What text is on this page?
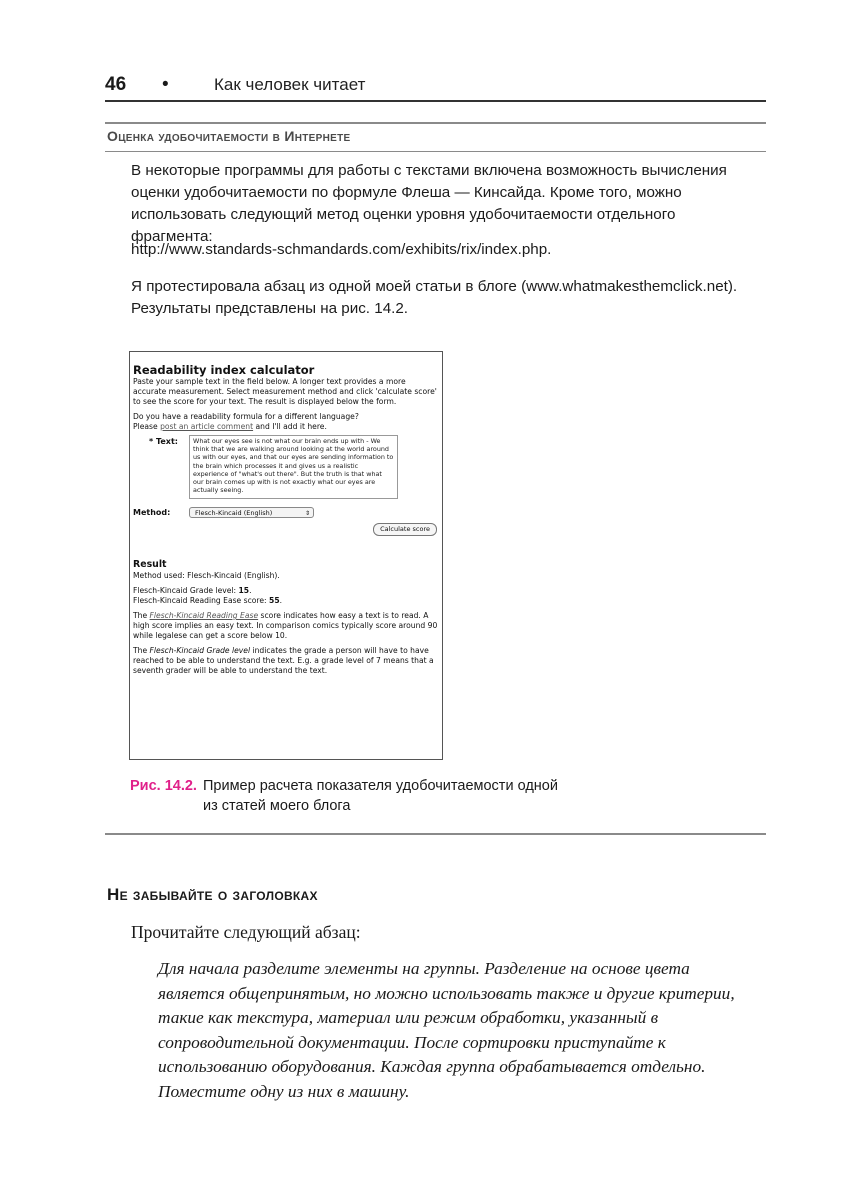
46 •	Как человек читает
Оценка удобочитаемости в Интернете
В некоторые программы для работы с текстами включена возможность вычисления оценки удобочитаемости по формуле Флеша — Кинсайда. Кроме того, можно использовать следующий метод оценки уровня удобочитаемости отдельного фрагмента:
http://www.standards-schmandards.com/exhibits/rix/index.php.
Я протестировала абзац из одной моей статьи в блоге (www.whatmakesthemclick.net). Результаты представлены на рис. 14.2.
Readability index calculator

Paste your sample text in the field below. A longer text provides a more accurate measurement. Select measurement method and click 'calculate score' to see the score for your text. The result is displayed below the form.

Do you have a readability formula for a different language?
Please post an article comment and I'll add it here.

* Text:	What our eyes see is not what our brain ends up with - We think that we are walking around looking at the world around us with our eyes, and that our eyes are sending information to the brain which processes it and gives us a realistic experience of "what's out there". But the truth is that what our brain comes up with is not exactly what our eyes are actually seeing.
Method:	Flesch-Kincaid (English)	⇕
Calculate score
Result

Method used: Flesch-Kincaid (English).

Flesch-Kincaid Grade level: 15.

Flesch-Kincaid Reading Ease score: 55.

The Flesch-Kincaid Reading Ease score indicates how easy a text is to read. A high score implies an easy text. In comparison comics typically score around 90 while legalese can get a score below 10.

The Flesch-Kincaid Grade level indicates the grade a person will have to have reached to be able to understand the text. E.g. a grade level of 7 means that a seventh grader will be able to understand the text.

Рис. 14.2. Пример расчета показателя удобочитаемости одной из статей моего блога
Не забывайте о заголовках
Прочитайте следующий абзац:
Для начала разделите элементы на группы. Разделение на основе цвета является общепринятым, но можно использовать также и другие критерии, такие как текстура, материал или режим обработки, указанный в сопроводительной документации. После сортировки приступайте к использованию оборудования. Каждая группа обрабатывается отдельно. Поместите одну из них в машину.
